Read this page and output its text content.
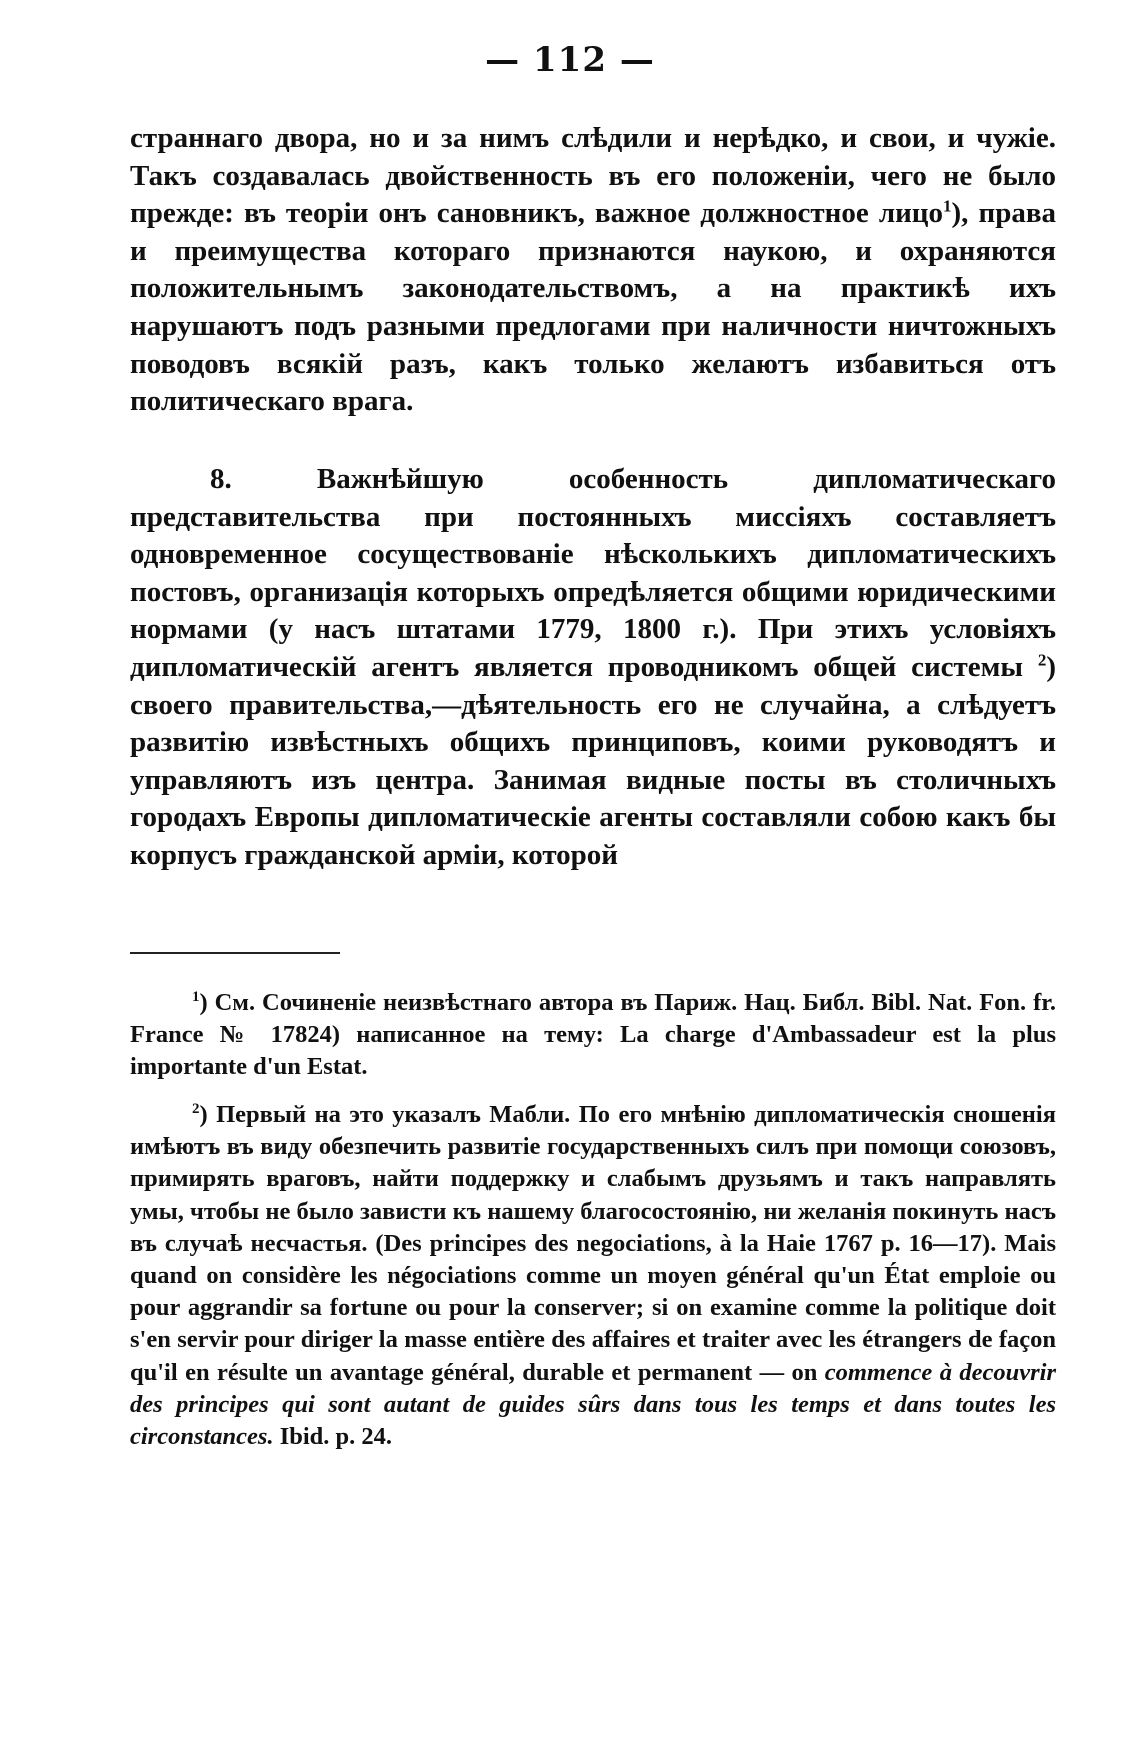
— 112 —
страннаго двора, но и за нимъ слѣдили и нерѣдко, и свои, и чужіе. Такъ создавалась двойственность въ его положеніи, чего не было прежде: въ теоріи онъ сановникъ, важное должностное лицо$^1$), права и преимущества котораго признаются наукою, и охраняются положительнымъ законодательствомъ, а на практикѣ ихъ нарушаютъ подъ разными предлогами при наличности ничтожныхъ поводовъ всякій разъ, какъ только желаютъ избавиться отъ политическаго врага.
8.	Важнѣйшую особенность дипломатическаго представительства при постоянныхъ миссіяхъ составляетъ одновременное сосуществованіе нѣсколькихъ дипломатическихъ постовъ, организація которыхъ опредѣляется общими юридическими нормами (у насъ штатами 1779, 1800 г.). При этихъ условіяхъ дипломатическій агентъ является проводникомъ общей системы $^2$) своего правительства,—дѣятельность его не случайна, а слѣдуетъ развитію извѣстныхъ общихъ принциповъ, коими руководятъ и управляютъ изъ центра. Занимая видные посты въ столичныхъ городахъ Европы дипломатическіе агенты составляли собою какъ бы корпусъ гражданской арміи, которой
$^1$) См. Сочиненіе неизвѣстнаго автора въ Париж. Нац. Библ. Bibl. Nat. Fon. fr. France № 17824) написанное на тему: La charge d'Ambassadeur est la plus importante d'un Estat.
$^2$) Первый на это указалъ Мабли. По его мнѣнію дипломатическія сношенія имѣютъ въ виду обезпечить развитіе государственныхъ силъ при помощи союзовъ, примирять враговъ, найти поддержку и слабымъ друзьямъ и такъ направлять умы, чтобы не было зависти къ нашему благосостоянію, ни желанія покинуть насъ въ случаѣ несчастья. (Des principes des negociations, à la Haie 1767 p. 16—17). Mais quand on considère les négociations comme un moyen général qu'un État emploie ou pour aggrandir sa fortune ou pour la conserver; si on examine comme la politique doit s'en servir pour diriger la masse entière des affaires et traiter avec les étrangers de façon qu'il en résulte un avantage général, durable et permanent — on commence à decouvrir des principes qui sont autant de guides sûrs dans tous les temps et dans toutes les circonstances. Ibid. p. 24.
